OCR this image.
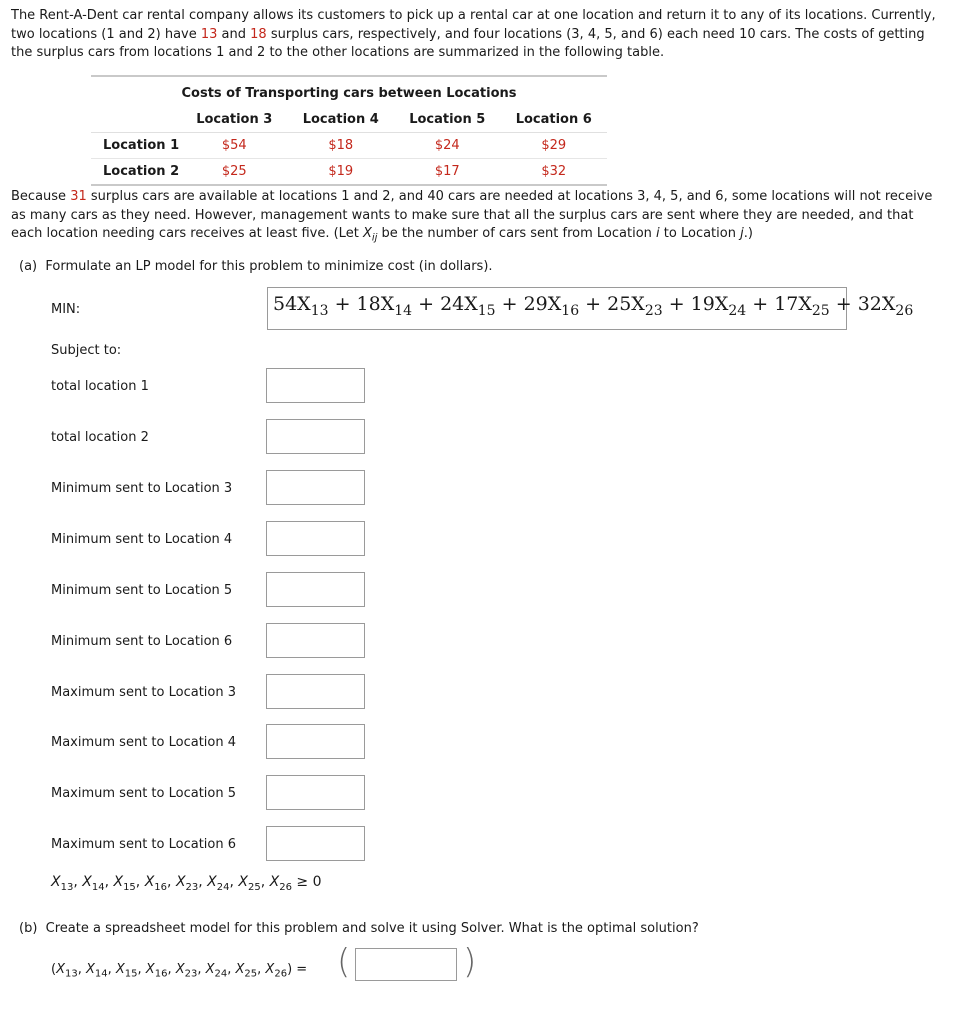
The Rent-A-Dent car rental company allows its customers to pick up a rental car at one location and return it to any of its locations. Currently,
two locations (1 and 2) have 13 and 18 surplus cars, respectively, and four locations (3, 4, 5, and 6) each need 10 cars. The costs of getting
the surplus cars from locations 1 and 2 to the other locations are summarized in the following table.
Costs of Transporting cars between Locations				
	Location 3	Location 4	Location 5	Location 6
Location 1	$54	$18	$24	$29
Location 2	$25	$19	$17	$32
Because 31 surplus cars are available at locations 1 and 2, and 40 cars are needed at locations 3, 4, 5, and 6, some locations will not receive
as many cars as they need. However, management wants to make sure that all the surplus cars are sent where they are needed, and that
each location needing cars receives at least five. (Let $X_{ij}$ be the number of cars sent from Location i to Location j.)
(a)  Formulate an LP model for this problem to minimize cost (in dollars).
MIN:	$54X_{13} + 18X_{14} + 24X_{15} + 29X_{16} + 25X_{23} + 19X_{24} + 17X_{25} + 32X_{26}$
Subject to:
total location 1
total location 2
Minimum sent to Location 3
Minimum sent to Location 4
Minimum sent to Location 5
Minimum sent to Location 6
Maximum sent to Location 3
Maximum sent to Location 4
Maximum sent to Location 5
Maximum sent to Location 6
$X_{13}$, $X_{14}$, $X_{15}$, $X_{16}$, $X_{23}$, $X_{24}$, $X_{25}$, $X_{26} \ge 0$
(b)  Create a spreadsheet model for this problem and solve it using Solver. What is the optimal solution?
($X_{13}$, $X_{14}$, $X_{15}$, $X_{16}$, $X_{23}$, $X_{24}$, $X_{25}$, $X_{26}$) = (	)
